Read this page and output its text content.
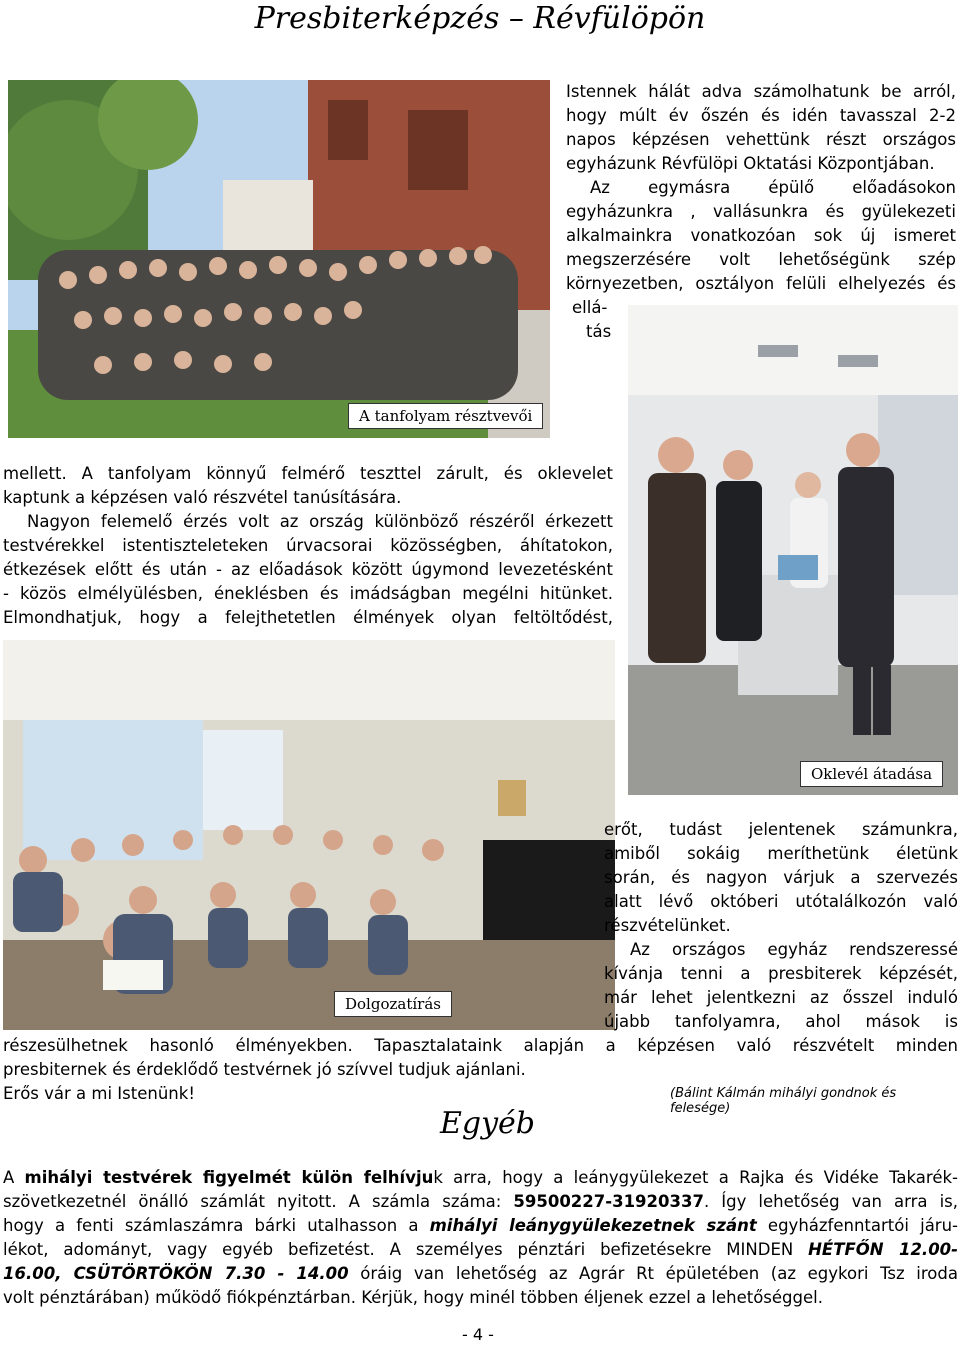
Presbiterképzés – Révfülöpön
A tanfolyam résztvevői
Istennek hálát adva számolhatunk be arról,
hogy múlt év őszén és idén tavasszal 2-2
napos képzésen vehettünk részt országos
egyházunk Révfülöpi Oktatási Központjában.
Az egymásra épülő előadásokon
egyházunkra , vallásunkra és gyülekezeti
alkalmainkra vonatkozóan sok új ismeret
megszerzésére volt lehetőségünk szép
környezetben, osztályon felüli elhelyezés és
ellá-
tás
mellett. A tanfolyam könnyű felmérő teszttel zárult, és oklevelet
kaptunk a képzésen való részvétel tanúsítására.
Nagyon felemelő érzés volt az ország különböző részéről érkezett
testvérekkel istentiszteleteken úrvacsorai közösségben, áhítatokon,
étkezések előtt és után - az előadások között úgymond levezetésként
- közös elmélyülésben, éneklésben és imádságban megélni hitünket.
Elmondhatjuk, hogy a felejthetetlen élmények olyan feltöltődést,
Dolgozatírás
Oklevél átadása
erőt, tudást jelentenek számunkra,
amiből sokáig meríthetünk életünk
során, és nagyon várjuk a szervezés
alatt lévő októberi utótalálkozón való
részvételünket.
Az országos egyház rendszeressé
kívánja tenni a presbiterek képzését,
már lehet jelentkezni az ősszel induló
újabb tanfolyamra, ahol mások is
részesülhetnek hasonló élményekben. Tapasztalataink alapján a képzésen való részvételt minden
presbiternek és érdeklődő testvérnek jó szívvel tudjuk ajánlani.
Erős vár a mi Istenünk!	(Bálint Kálmán mihályi gondnok és felesége)
Egyéb
A mihályi testvérek figyelmét külön felhívjuk arra, hogy a leánygyülekezet a Rajka és Vidéke Takarék-
szövetkezetnél önálló számlát nyitott. A számla száma: 59500227-31920337. Így lehetőség van arra is,
hogy a fenti számlaszámra bárki utalhasson a mihályi leánygyülekezetnek szánt egyházfenntartói járu-
lékot, adományt, vagy egyéb befizetést. A személyes pénztári befizetésekre MINDEN HÉTFŐN 12.00-
16.00, CSÜTÖRTÖKÖN 7.30 - 14.00 óráig van lehetőség az Agrár Rt épületében (az egykori Tsz iroda
volt pénztárában) működő fiókpénztárban. Kérjük, hogy minél többen éljenek ezzel a lehetőséggel.
- 4 -
